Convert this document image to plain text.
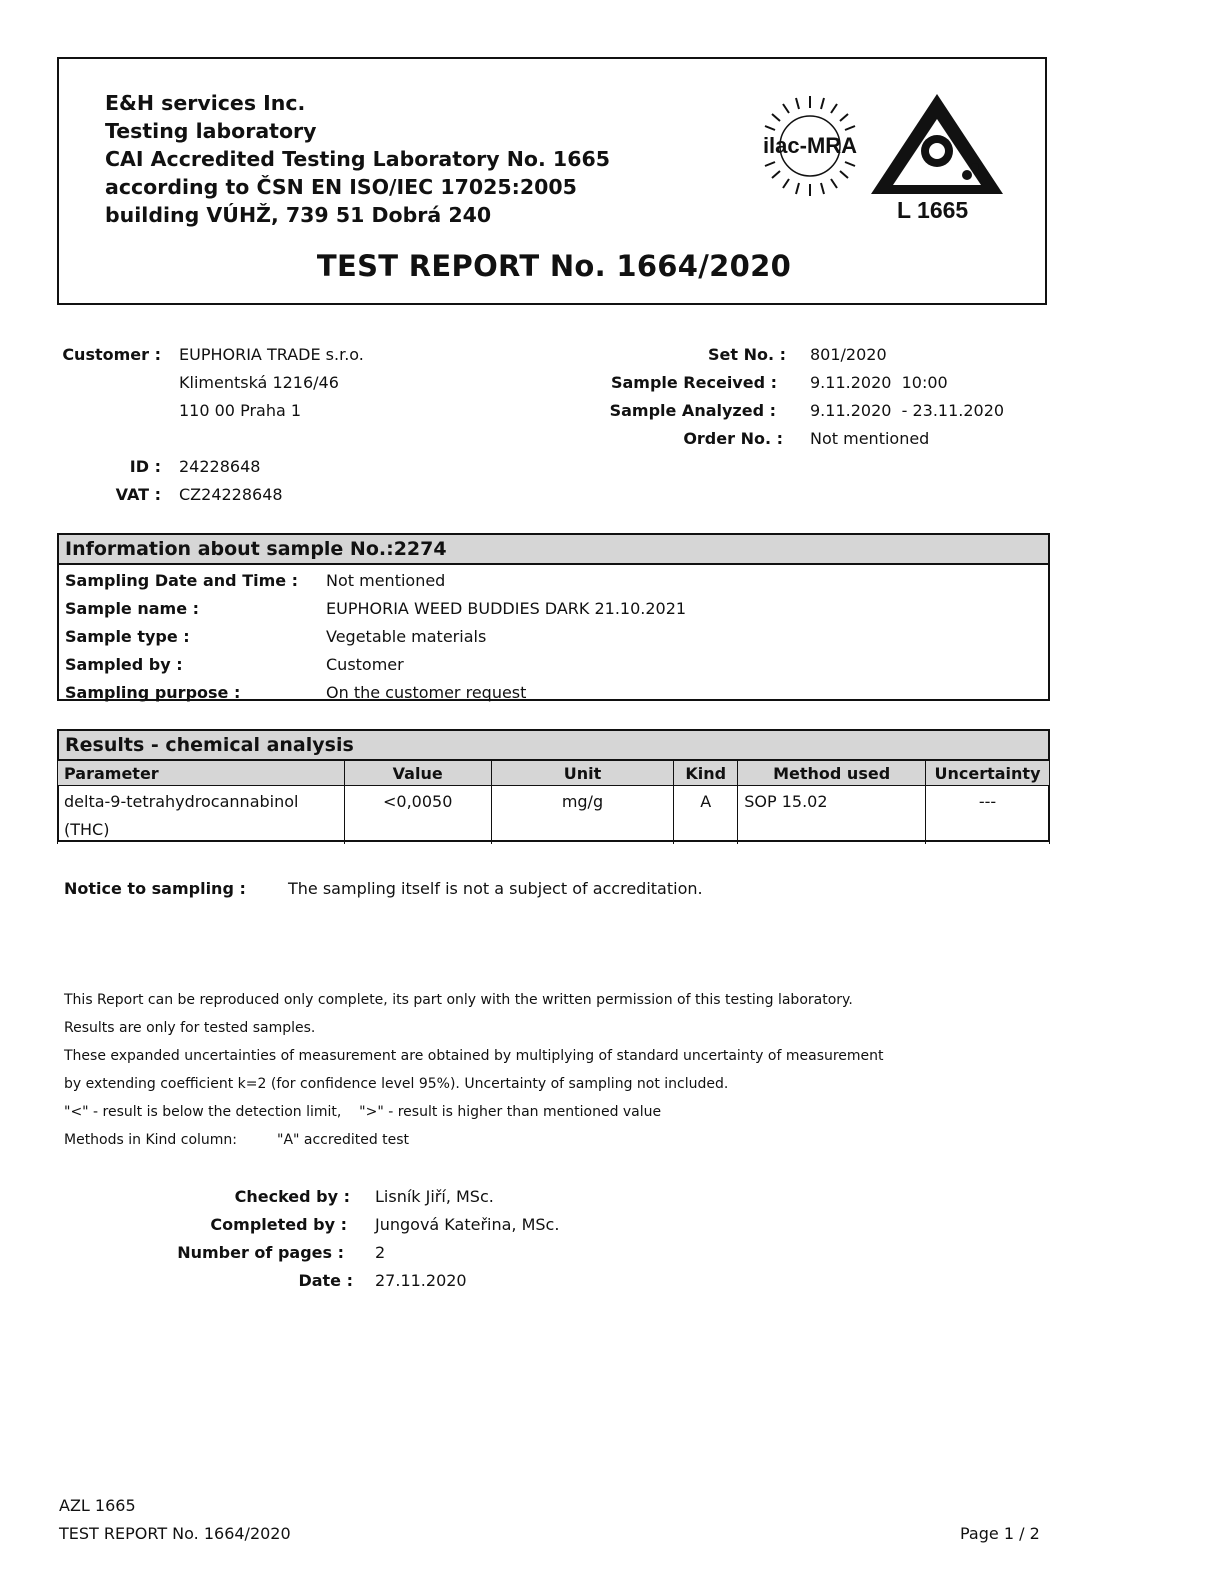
E&H services Inc.
Testing laboratory
CAI Accredited Testing Laboratory No. 1665
according to ČSN EN ISO/IEC 17025:2005
building VÚHŽ, 739 51 Dobrá 240
ilac-MRA
L 1665
TEST REPORT No. 1664/2020
Customer : EUPHORIA TRADE s.r.o.
Klimentská 1216/46
110 00 Praha 1
ID : 24228648
VAT : CZ24228648
Set No. : 801/2020
Sample Received : 9.11.2020  10:00
Sample Analyzed : 9.11.2020  - 23.11.2020
Order No. : Not mentioned
Information about sample No.:2274
Sampling Date and Time : Not mentioned
Sample name :	EUPHORIA WEED BUDDIES DARK 21.10.2021
Sample type :	Vegetable materials
Sampled by :	Customer
Sampling purpose :	On the customer request
Results - chemical analysis
Parameter	Value	Unit	Kind	Method used	Uncertainty
delta-9-tetrahydrocannabinol (THC)	<0,0050	mg/g	A	SOP 15.02	---
Notice to sampling :	The sampling itself is not a subject of accreditation.
This Report can be reproduced only complete, its part only with the written permission of this testing laboratory.
Results are only for tested samples.
These expanded uncertainties of measurement are obtained by multiplying of standard uncertainty of measurement
by extending coefficient k=2 (for confidence level 95%). Uncertainty of sampling not included.
"<" - result is below the detection limit,    ">" - result is higher than mentioned value
Methods in Kind column:	"A" accredited test
Checked by : Lisník Jiří, MSc.
Completed by : Jungová Kateřina, MSc.
Number of pages : 2
Date : 27.11.2020
AZL 1665
TEST REPORT No. 1664/2020	Page 1 / 2
